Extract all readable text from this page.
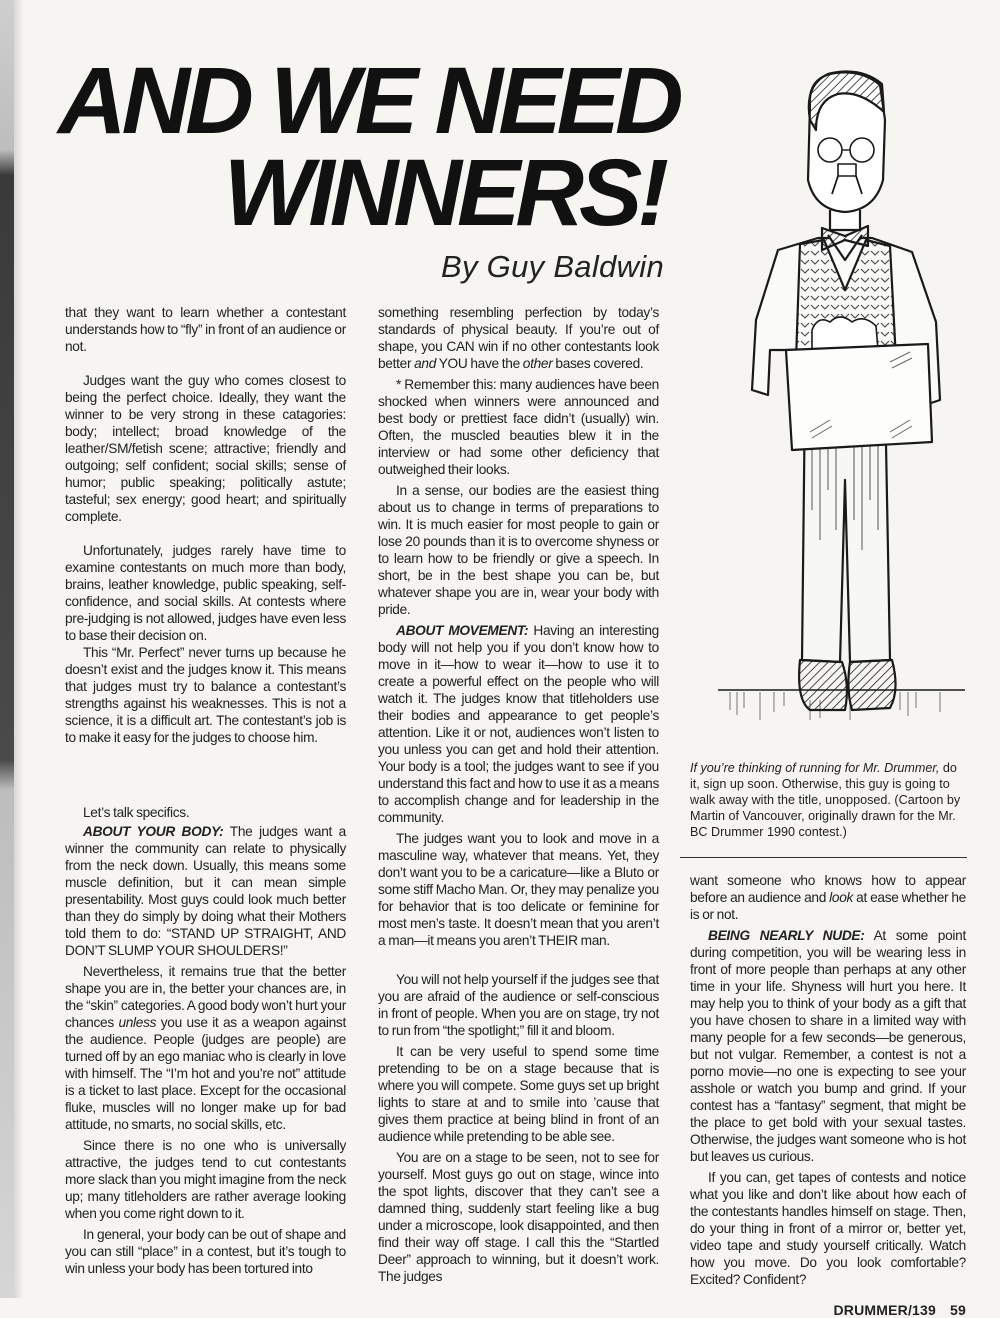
AND WE NEED
WINNERS!
By Guy Baldwin

that they want to learn whether a contestant understands how to “fly” in front of an audience or not.

Judges want the guy who comes closest to being the perfect choice. Ideally, they want the winner to be very strong in these catagories: body; intellect; broad knowledge of the leather/SM/fetish scene; attractive; friendly and outgoing; self confident; social skills; sense of humor; public speaking; politically astute; tasteful; sex energy; good heart; and spiritually complete.

Unfortunately, judges rarely have time to examine contestants on much more than body, brains, leather knowledge, public speaking, self-confidence, and social skills. At contests where pre-judging is not allowed, judges have even less to base their decision on.

This “Mr. Perfect” never turns up because he doesn’t exist and the judges know it. This means that judges must try to balance a contestant’s strengths against his weaknesses. This is not a science, it is a difficult art. The contestant’s job is to make it easy for the judges to choose him.

Let’s talk specifics.

ABOUT YOUR BODY: The judges want a winner the community can relate to physically from the neck down. Usually, this means some muscle definition, but it can mean simple presentability. Most guys could look much better than they do simply by doing what their Mothers told them to do: “STAND UP STRAIGHT, AND DON’T SLUMP YOUR SHOULDERS!”

Nevertheless, it remains true that the better shape you are in, the better your chances are, in the “skin” categories. A good body won’t hurt your chances unless you use it as a weapon against the audience. People (judges are people) are turned off by an ego maniac who is clearly in love with himself. The “I’m hot and you’re not” attitude is a ticket to last place. Except for the occasional fluke, muscles will no longer make up for bad attitude, no smarts, no social skills, etc.

Since there is no one who is universally attractive, the judges tend to cut contestants more slack than you might imagine from the neck up; many titleholders are rather average looking when you come right down to it.

In general, your body can be out of shape and you can still “place” in a contest, but it’s tough to win unless your body has been tortured into

something resembling perfection by today’s standards of physical beauty. If you’re out of shape, you CAN win if no other contestants look better and YOU have the other bases covered.

* Remember this: many audiences have been shocked when winners were announced and best body or prettiest face didn’t (usually) win. Often, the muscled beauties blew it in the interview or had some other deficiency that outweighed their looks.

In a sense, our bodies are the easiest thing about us to change in terms of preparations to win. It is much easier for most people to gain or lose 20 pounds than it is to overcome shyness or to learn how to be friendly or give a speech. In short, be in the best shape you can be, but whatever shape you are in, wear your body with pride.

ABOUT MOVEMENT: Having an interesting body will not help you if you don’t know how to move in it—how to wear it—how to use it to create a powerful effect on the people who will watch it. The judges know that titleholders use their bodies and appearance to get people’s attention. Like it or not, audiences won’t listen to you unless you can get and hold their attention. Your body is a tool; the judges want to see if you understand this fact and how to use it as a means to accomplish change and for leadership in the community.

The judges want you to look and move in a masculine way, whatever that means. Yet, they don’t want you to be a caricature—like a Bluto or some stiff Macho Man. Or, they may penalize you for behavior that is too delicate or feminine for most men’s taste. It doesn’t mean that you aren’t a man—it means you aren’t THEIR man.

You will not help yourself if the judges see that you are afraid of the audience or self-conscious in front of people. When you are on stage, try not to run from “the spotlight;” fill it and bloom.

It can be very useful to spend some time pretending to be on a stage because that is where you will compete. Some guys set up bright lights to stare at and to smile into ’cause that gives them practice at being blind in front of an audience while pretending to be able see.

You are on a stage to be seen, not to see for yourself. Most guys go out on stage, wince into the spot lights, discover that they can’t see a damned thing, suddenly start feeling like a bug under a microscope, look disappointed, and then find their way off stage. I call this the “Startled Deer” approach to winning, but it doesn’t work. The judges

want someone who knows how to appear before an audience and look at ease whether he is or not.

BEING NEARLY NUDE: At some point during competition, you will be wearing less in front of more people than perhaps at any other time in your life. Shyness will hurt you here. It may help you to think of your body as a gift that you have chosen to share in a limited way with many people for a few seconds—be generous, but not vulgar. Remember, a contest is not a porno movie—no one is expecting to see your asshole or watch you bump and grind. If your contest has a “fantasy” segment, that might be the place to get bold with your sexual tastes. Otherwise, the judges want someone who is hot but leaves us curious.

If you can, get tapes of contests and notice what you like and don’t like about how each of the contestants handles himself on stage. Then, do your thing in front of a mirror or, better yet, video tape and study yourself critically. Watch how you move. Do you look comfortable? Excited? Confident?

DRUMMER/139 59
If you’re thinking of running for Mr. Drummer, do it, sign up soon. Otherwise, this guy is going to walk away with the title, unopposed. (Cartoon by Martin of Vancouver, originally drawn for the Mr. BC Drummer 1990 contest.)
